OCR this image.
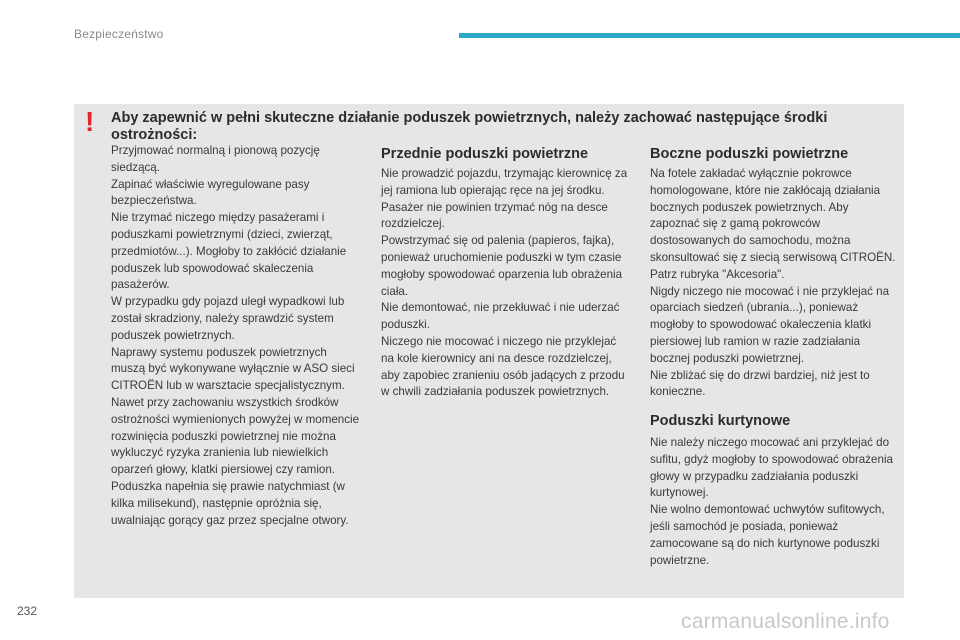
Bezpieczeństwo
! Aby zapewnić w pełni skuteczne działanie poduszek powietrznych, należy zachować następujące środki ostrożności:
Przyjmować normalną i pionową pozycję siedzącą.
Zapinać właściwie wyregulowane pasy bezpieczeństwa.
Nie trzymać niczego między pasażerami i poduszkami powietrznymi (dzieci, zwierząt, przedmiotów...). Mogłoby to zakłócić działanie poduszek lub spowodować skaleczenia pasażerów.
W przypadku gdy pojazd uległ wypadkowi lub został skradziony, należy sprawdzić system poduszek powietrznych.
Naprawy systemu poduszek powietrznych muszą być wykonywane wyłącznie w ASO sieci CITROËN lub w warsztacie specjalistycznym.
Nawet przy zachowaniu wszystkich środków ostrożności wymienionych powyżej w momencie rozwinięcia poduszki powietrznej nie można wykluczyć ryzyka zranienia lub niewielkich oparzeń głowy, klatki piersiowej czy ramion. Poduszka napełnia się prawie natychmiast (w kilka milisekund), następnie opróżnia się, uwalniając gorący gaz przez specjalne otwory.
Przednie poduszki powietrzne
Nie prowadzić pojazdu, trzymając kierownicę za jej ramiona lub opierając ręce na jej środku.
Pasażer nie powinien trzymać nóg na desce rozdzielczej.
Powstrzymać się od palenia (papieros, fajka), ponieważ uruchomienie poduszki w tym czasie mogłoby spowodować oparzenia lub obrażenia ciała.
Nie demontować, nie przekłuwać i nie uderzać poduszki.
Niczego nie mocować i niczego nie przyklejać na kole kierownicy ani na desce rozdzielczej, aby zapobiec zranieniu osób jadących z przodu w chwili zadziałania poduszek powietrznych.
Boczne poduszki powietrzne
Na fotele zakładać wyłącznie pokrowce homologowane, które nie zakłócają działania bocznych poduszek powietrznych. Aby zapoznać się z gamą pokrowców dostosowanych do samochodu, można skonsultować się z siecią serwisową CITROËN.
Patrz rubryka "Akcesoria".
Nigdy niczego nie mocować i nie przyklejać na oparciach siedzeń (ubrania...), ponieważ mogłoby to spowodować okaleczenia klatki piersiowej lub ramion w razie zadziałania bocznej poduszki powietrznej.
Nie zbliżać się do drzwi bardziej, niż jest to konieczne.
Poduszki kurtynowe
Nie należy niczego mocować ani przyklejać do sufitu, gdyż mogłoby to spowodować obrażenia głowy w przypadku zadziałania poduszki kurtynowej.
Nie wolno demontować uchwytów sufitowych, jeśli samochód je posiada, ponieważ zamocowane są do nich kurtynowe poduszki powietrzne.
232	carmanualsonline.info
